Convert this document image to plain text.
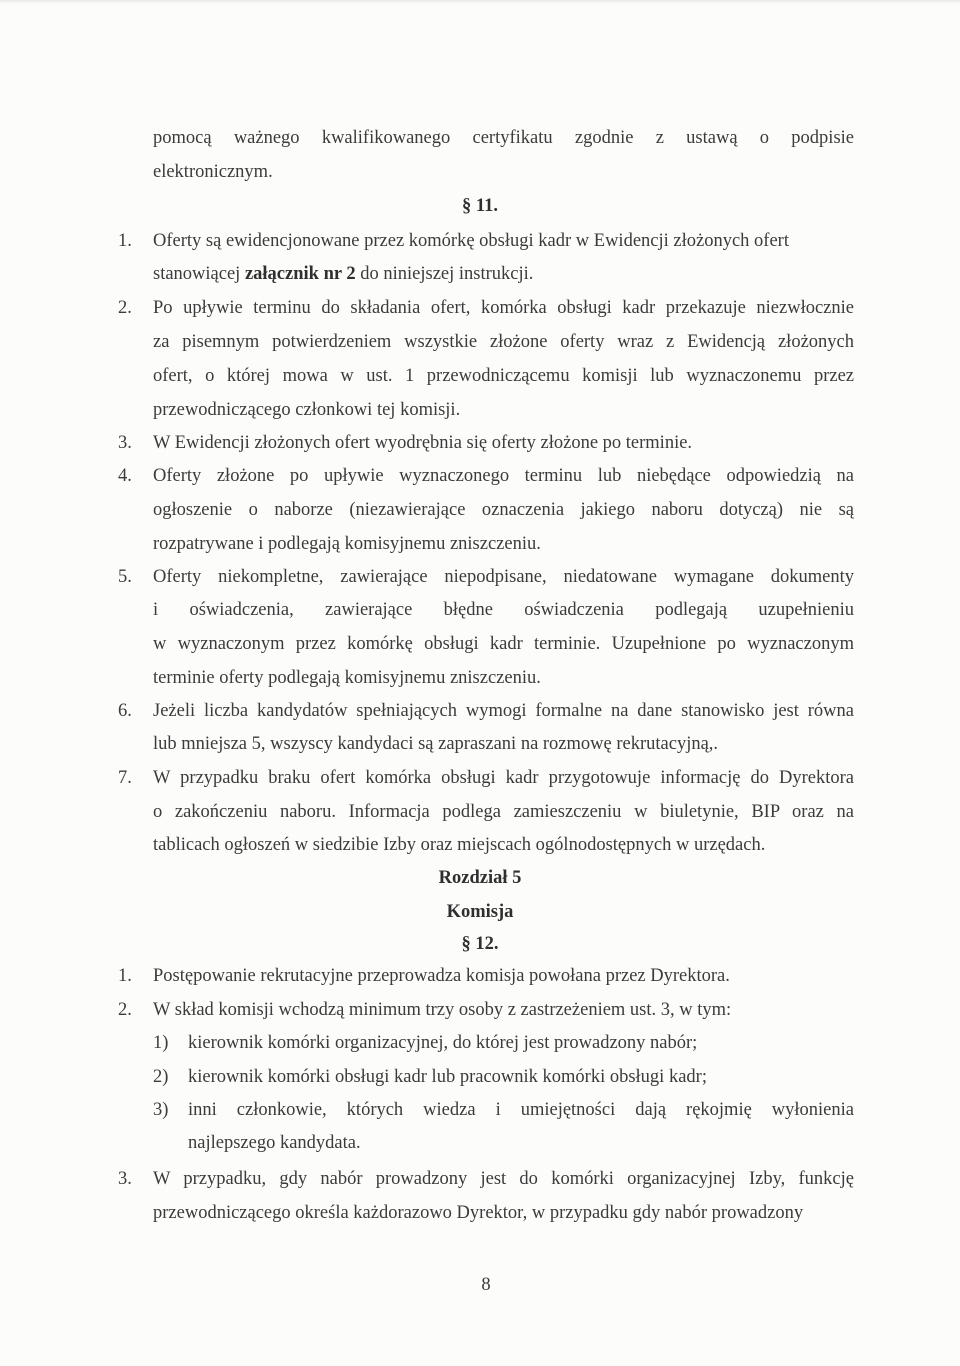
pomocą ważnego kwalifikowanego certyfikatu zgodnie z ustawą o podpisie
elektronicznym.
§ 11.
1. Oferty są ewidencjonowane przez komórkę obsługi kadr w Ewidencji złożonych ofert
stanowiącej załącznik nr 2 do niniejszej instrukcji.
2. Po upływie terminu do składania ofert, komórka obsługi kadr przekazuje niezwłocznie
za pisemnym potwierdzeniem wszystkie złożone oferty wraz z Ewidencją złożonych
ofert, o której mowa w ust. 1 przewodniczącemu komisji lub wyznaczonemu przez
przewodniczącego członkowi tej komisji.
3. W Ewidencji złożonych ofert wyodrębnia się oferty złożone po terminie.
4. Oferty złożone po upływie wyznaczonego terminu lub niebędące odpowiedzią na
ogłoszenie o naborze (niezawierające oznaczenia jakiego naboru dotyczą) nie są
rozpatrywane i podlegają komisyjnemu zniszczeniu.
5. Oferty niekompletne, zawierające niepodpisane, niedatowane wymagane dokumenty
i oświadczenia, zawierające błędne oświadczenia podlegają uzupełnieniu
w wyznaczonym przez komórkę obsługi kadr terminie. Uzupełnione po wyznaczonym
terminie oferty podlegają komisyjnemu zniszczeniu.
6. Jeżeli liczba kandydatów spełniających wymogi formalne na dane stanowisko jest równa
lub mniejsza 5, wszyscy kandydaci są zapraszani na rozmowę rekrutacyjną,.
7. W przypadku braku ofert komórka obsługi kadr przygotowuje informację do Dyrektora
o zakończeniu naboru. Informacja podlega zamieszczeniu w biuletynie, BIP oraz na
tablicach ogłoszeń w siedzibie Izby oraz miejscach ogólnodostępnych w urzędach.
Rozdział 5
Komisja
§ 12.
1. Postępowanie rekrutacyjne przeprowadza komisja powołana przez Dyrektora.
2. W skład komisji wchodzą minimum trzy osoby z zastrzeżeniem ust. 3, w tym:
1) kierownik komórki organizacyjnej, do której jest prowadzony nabór;
2) kierownik komórki obsługi kadr lub pracownik komórki obsługi kadr;
3) inni członkowie, których wiedza i umiejętności dają rękojmię wyłonienia
najlepszego kandydata.
3. W przypadku, gdy nabór prowadzony jest do komórki organizacyjnej Izby, funkcję
przewodniczącego określa każdorazowo Dyrektor, w przypadku gdy nabór prowadzony
8
